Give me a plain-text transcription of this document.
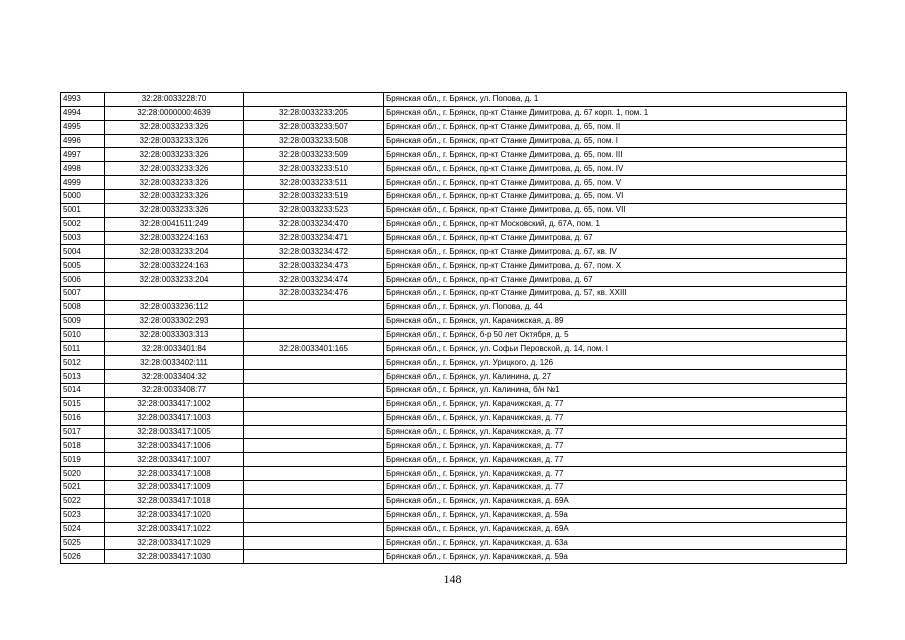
4993	32:28:0033228:70		Брянская обл., г. Брянск, ул. Попова, д. 1
4994	32:28:0000000:4639	32:28:0033233:205	Брянская обл., г. Брянск, пр-кт Станке Димитрова, д. 67 корп. 1, пом. 1
4995	32:28:0033233:326	32:28:0033233:507	Брянская обл., г. Брянск, пр-кт Станке Димитрова, д. 65, пом. II
4996	32:28:0033233:326	32:28:0033233:508	Брянская обл., г. Брянск, пр-кт Станке Димитрова, д. 65, пом. I
4997	32:28:0033233:326	32:28:0033233:509	Брянская обл., г. Брянск, пр-кт Станке Димитрова, д. 65, пом. III
4998	32:28:0033233:326	32:28:0033233:510	Брянская обл., г. Брянск, пр-кт Станке Димитрова, д. 65, пом. IV
4999	32:28:0033233:326	32:28:0033233:511	Брянская обл., г. Брянск, пр-кт Станке Димитрова, д. 65, пом. V
5000	32:28:0033233:326	32:28:0033233:519	Брянская обл., г. Брянск, пр-кт Станке Димитрова, д. 65, пом. VI
5001	32:28:0033233:326	32:28:0033233:523	Брянская обл., г. Брянск, пр-кт Станке Димитрова, д. 65, пом. VII
5002	32:28:0041511:249	32:28:0033234:470	Брянская обл., г. Брянск, пр-кт Московский, д. 67А, пом. 1
5003	32:28:0033224:163	32:28:0033234:471	Брянская обл., г. Брянск, пр-кт Станке Димитрова, д. 67
5004	32:28:0033233:204	32:28:0033234:472	Брянская обл., г. Брянск, пр-кт Станке Димитрова, д. 67, кв. IV
5005	32:28:0033224:163	32:28:0033234:473	Брянская обл., г. Брянск, пр-кт Станке Димитрова, д. 67, пом. X
5006	32:28:0033233:204	32:28:0033234:474	Брянская обл., г. Брянск, пр-кт Станке Димитрова, д. 67
5007		32:28:0033234:476	Брянская обл., г. Брянск, пр-кт Станке Димитрова, д. 57, кв. XXIII
5008	32:28:0033236:112		Брянская обл., г. Брянск, ул. Попова, д. 44
5009	32:28:0033302:293		Брянская обл., г. Брянск, ул. Карачижская, д. 89
5010	32:28:0033303:313		Брянская обл., г. Брянск, б-р 50 лет Октября, д. 5
5011	32:28:0033401:84	32:28:0033401:165	Брянская обл., г. Брянск, ул. Софьи Перовской, д. 14, пом. I
5012	32:28:0033402:111		Брянская обл., г. Брянск, ул. Урицкого, д. 126
5013	32:28:0033404:32		Брянская обл., г. Брянск, ул. Калинина, д. 27
5014	32:28:0033408:77		Брянская обл., г. Брянск, ул. Калинина, б/н №1
5015	32:28:0033417:1002		Брянская обл., г. Брянск, ул. Карачижская, д. 77
5016	32:28:0033417:1003		Брянская обл., г. Брянск, ул. Карачижская, д. 77
5017	32:28:0033417:1005		Брянская обл., г. Брянск, ул. Карачижская, д. 77
5018	32:28:0033417:1006		Брянская обл., г. Брянск, ул. Карачижская, д. 77
5019	32:28:0033417:1007		Брянская обл., г. Брянск, ул. Карачижская, д. 77
5020	32:28:0033417:1008		Брянская обл., г. Брянск, ул. Карачижская, д. 77
5021	32:28:0033417:1009		Брянская обл., г. Брянск, ул. Карачижская, д. 77
5022	32:28:0033417:1018		Брянская обл., г. Брянск, ул. Карачижская, д. 69А
5023	32:28:0033417:1020		Брянская обл., г. Брянск, ул. Карачижская, д. 59а
5024	32:28:0033417:1022		Брянская обл., г. Брянск, ул. Карачижская, д. 69А
5025	32:28:0033417:1029		Брянская обл., г. Брянск, ул. Карачижская, д. 63а
5026	32:28:0033417:1030		Брянская обл., г. Брянск, ул. Карачижская, д. 59а
148
